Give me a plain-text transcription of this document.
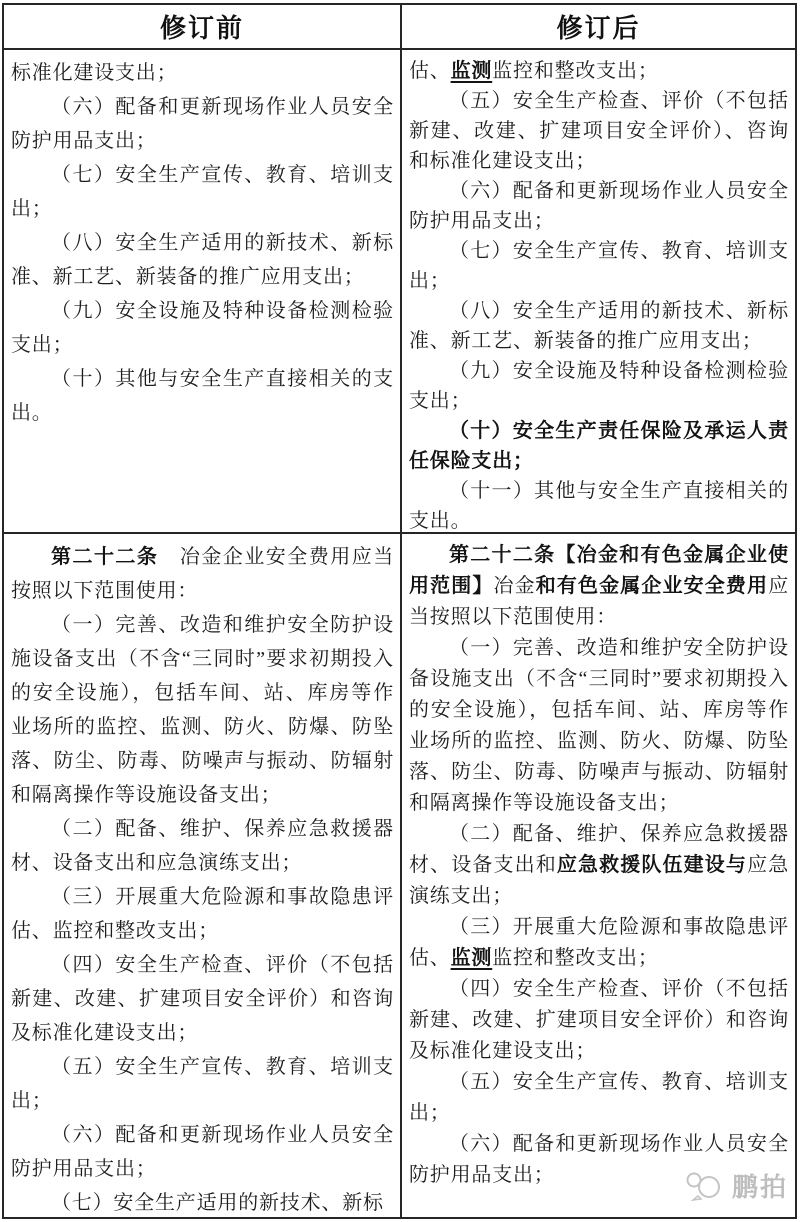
修订前	修订后

标准化建设支出；

（六）配备和更新现场作业人员安全防护用品支出；

（七）安全生产宣传、教育、培训支出；

（八）安全生产适用的新技术、新标准、新工艺、新装备的推广应用支出；

（九）安全设施及特种设备检测检验支出；

（十）其他与安全生产直接相关的支出。

估、监测监控和整改支出；

（五）安全生产检查、评价（不包括新建、改建、扩建项目安全评价）、咨询和标准化建设支出；

（六）配备和更新现场作业人员安全防护用品支出；

（七）安全生产宣传、教育、培训支出；

（八）安全生产适用的新技术、新标准、新工艺、新装备的推广应用支出；

（九）安全设施及特种设备检测检验支出；

（十）安全生产责任保险及承运人责任保险支出；

（十一）其他与安全生产直接相关的支出。

第二十二条　冶金企业安全费用应当按照以下范围使用：

（一）完善、改造和维护安全防护设施设备支出（不含“三同时”要求初期投入的安全设施），包括车间、站、库房等作业场所的监控、监测、防火、防爆、防坠落、防尘、防毒、防噪声与振动、防辐射和隔离操作等设施设备支出；

（二）配备、维护、保养应急救援器材、设备支出和应急演练支出；

（三）开展重大危险源和事故隐患评估、监控和整改支出；

（四）安全生产检查、评价（不包括新建、改建、扩建项目安全评价）和咨询及标准化建设支出；

（五）安全生产宣传、教育、培训支出；

（六）配备和更新现场作业人员安全防护用品支出；

（七）安全生产适用的新技术、新标

第二十二条【冶金和有色金属企业使用范围】冶金和有色金属企业安全费用应当按照以下范围使用：

（一）完善、改造和维护安全防护设备设施支出（不含“三同时”要求初期投入的安全设施），包括车间、站、库房等作业场所的监控、监测、防火、防爆、防坠落、防尘、防毒、防噪声与振动、防辐射和隔离操作等设施设备支出；

（二）配备、维护、保养应急救援器材、设备支出和应急救援队伍建设与应急演练支出；

（三）开展重大危险源和事故隐患评估、监测监控和整改支出；

（四）安全生产检查、评价（不包括新建、改建、扩建项目安全评价）和咨询及标准化建设支出；

（五）安全生产宣传、教育、培训支出；

（六）配备和更新现场作业人员安全防护用品支出；	鹏拍
